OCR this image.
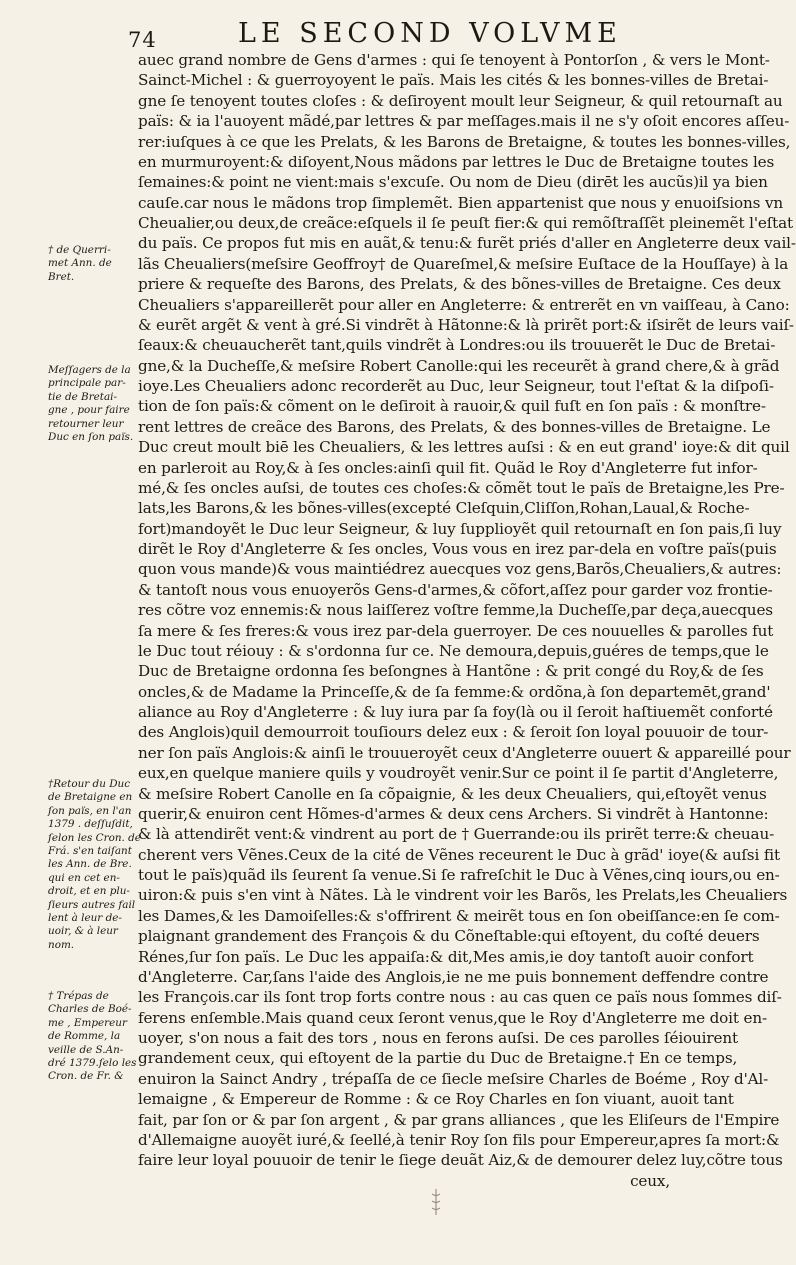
74	LE SECOND VOLVME
† de Querri-
met Ann. de
Bret.
Meſſagers de la
principale par-
tie de Bretai-
gne , pour faire
retourner leur
Duc en ſon païs.
†Retour du Duc
de Bretaigne en
ſon païs, en l'an
1379 . deſſuſdit,
ſelon les Cron. de
Frá. s'en taiſant
les Ann. de Bre.
qui en cet en-
droit, et en plu-
ſieurs autres fail
lent à leur de-
uoir, & à leur
nom.
† Trépas de
Charles de Boé-
me , Empereur
de Romme, la
veille de S.An-
dré 1379.ſelo les
Cron. de Fr. &
auec grand nombre de Gens d'armes : qui ſe tenoyent à Pontorſon , & vers le Mont-
Sainct-Michel : & guerroyoyent le païs. Mais les cités & les bonnes-villes de Bretai-
gne ſe tenoyent toutes cloſes : & deſiroyent moult leur Seigneur, & quil retournaſt au
païs: & ia l'auoyent mãdé,par lettres & par meſſages.mais il ne s'y oſoit encores aſſeu-
rer:iuſques à ce que les Prelats, & les Barons de Bretaigne, & toutes les bonnes-villes,
en murmuroyent:& diſoyent,Nous mãdons par lettres le Duc de Bretaigne toutes les
ſemaines:& point ne vient:mais s'excuſe. Ou nom de Dieu (dirēt les aucũs)il ya bien
cauſe.car nous le mãdons trop ſimplemẽt. Bien appartenist que nous y enuoiſsions vn
Cheualier,ou deux,de creãce:eſquels il ſe peuſt fier:& qui remõſtraſſẽt pleinemẽt l'eſtat
du païs. Ce propos fut mis en auãt,& tenu:& furẽt priés d'aller en Angleterre deux vail-
lãs Cheualiers(meſsire Geoffroy† de Quareſmel,& meſsire Euſtace de la Houſſaye) à la
priere & requeſte des Barons, des Prelats, & des bõnes-villes de Bretaigne. Ces deux
Cheualiers s'appareillerẽt pour aller en Angleterre: & entrerẽt en vn vaiſſeau, à Cano:
& eurẽt argẽt & vent à gré.Si vindrẽt à Hãtonne:& là prirẽt port:& iſsirẽt de leurs vaiſ-
ſeaux:& cheuaucherẽt tant,quils vindrẽt à Londres:ou ils trouuerẽt le Duc de Bretai-
gne,& la Ducheſſe,& meſsire Robert Canolle:qui les receurẽt à grand chere,& à grãd
ioye.Les Cheualiers adonc recorderẽt au Duc, leur Seigneur, tout l'eſtat & la diſpoſi-
tion de ſon païs:& cõment on le deſiroit à rauoir,& quil fuſt en ſon païs : & monſtre-
rent lettres de creãce des Barons, des Prelats, & des bonnes-villes de Bretaigne. Le
Duc creut moult biē les Cheualiers, & les lettres auſsi : & en eut grand' ioye:& dit quil
en parleroit au Roy,& à ſes oncles:ainſi quil fit. Quãd le Roy d'Angleterre fut infor-
mé,& ſes oncles auſsi, de toutes ces choſes:& cõmẽt tout le païs de Bretaigne,les Pre-
lats,les Barons,& les bõnes-villes(excepté Cleſquin,Cliſſon,Rohan,Laual,& Roche-
fort)mandoyẽt le Duc leur Seigneur, & luy ſupplioyẽt quil retournaſt en ſon pais,ſi luy
dirẽt le Roy d'Angleterre & ſes oncles, Vous vous en irez par-dela en voſtre païs(puis
quon vous mande)& vous maintiédrez auecques voz gens,Barõs,Cheualiers,& autres:
& tantoſt nous vous enuoyerõs Gens-d'armes,& cõfort,aſſez pour garder voz frontie-
res cõtre voz ennemis:& nous laiſſerez voſtre femme,la Ducheſſe,par deça,auecques
ſa mere & ſes freres:& vous irez par-dela guerroyer. De ces nouuelles & parolles fut
le Duc tout réiouy : & s'ordonna ſur ce. Ne demoura,depuis,guéres de temps,que le
Duc de Bretaigne ordonna ſes beſongnes à Hantõne : & prit congé du Roy,& de ſes
oncles,& de Madame la Princeſſe,& de ſa femme:& ordõna,à ſon departemēt,grand'
aliance au Roy d'Angleterre : & luy iura par ſa foy(là ou il ſeroit haſtiuemẽt conforté
des Anglois)quil demourroit touſiours delez eux : & ſeroit ſon loyal pouuoir de tour-
ner ſon païs Anglois:& ainſi le trouueroyẽt ceux d'Angleterre ouuert & appareillé pour
eux,en quelque maniere quils y voudroyẽt venir.Sur ce point il ſe partit d'Angleterre,
& meſsire Robert Canolle en ſa cõpaignie, & les deux Cheualiers, qui,eſtoyẽt venus
querir,& enuiron cent Hõmes-d'armes & deux cens Archers. Si vindrẽt à Hantonne:
& là attendirẽt vent:& vindrent au port de † Guerrande:ou ils prirẽt terre:& cheuau-
cherent vers Vẽnes.Ceux de la cité de Vẽnes receurent le Duc à grãd' ioye(& auſsi fit
tout le païs)quãd ils ſeurent ſa venue.Si ſe rafreſchit le Duc à Vẽnes,cinq iours,ou en-
uiron:& puis s'en vint à Nãtes. Là le vindrent voir les Barõs, les Prelats,les Cheualiers
les Dames,& les Damoiſelles:& s'offrirent & meirẽt tous en ſon obeiſſance:en ſe com-
plaignant grandement des François & du Cõneſtable:qui eſtoyent, du coſté deuers
Rénes,ſur ſon païs. Le Duc les appaiſa:& dit,Mes amis,ie doy tantoſt auoir confort
d'Angleterre. Car,ſans l'aide des Anglois,ie ne me puis bonnement deffendre contre
les François.car ils ſont trop forts contre nous : au cas quen ce païs nous ſommes diſ-
ferens enſemble.Mais quand ceux ſeront venus,que le Roy d'Angleterre me doit en-
uoyer, s'on nous a fait des tors , nous en ferons auſsi. De ces parolles ſéiouirent
grandement ceux, qui eſtoyent de la partie du Duc de Bretaigne.† En ce temps,
enuiron la Sainct Andry , trépaſſa de ce ſiecle meſsire Charles de Boéme , Roy d'Al-
lemaigne , & Empereur de Romme : & ce Roy Charles en ſon viuant, auoit tant
fait, par ſon or & par ſon argent , & par grans alliances , que les Eliſeurs de l'Empire
d'Allemaigne auoyẽt iuré,& ſeellé,à tenir Roy ſon fils pour Empereur,apres ſa mort:&
faire leur loyal pouuoir de tenir le ſiege deuãt Aiz,& de demourer delez luy,cõtre tous
ceux,
